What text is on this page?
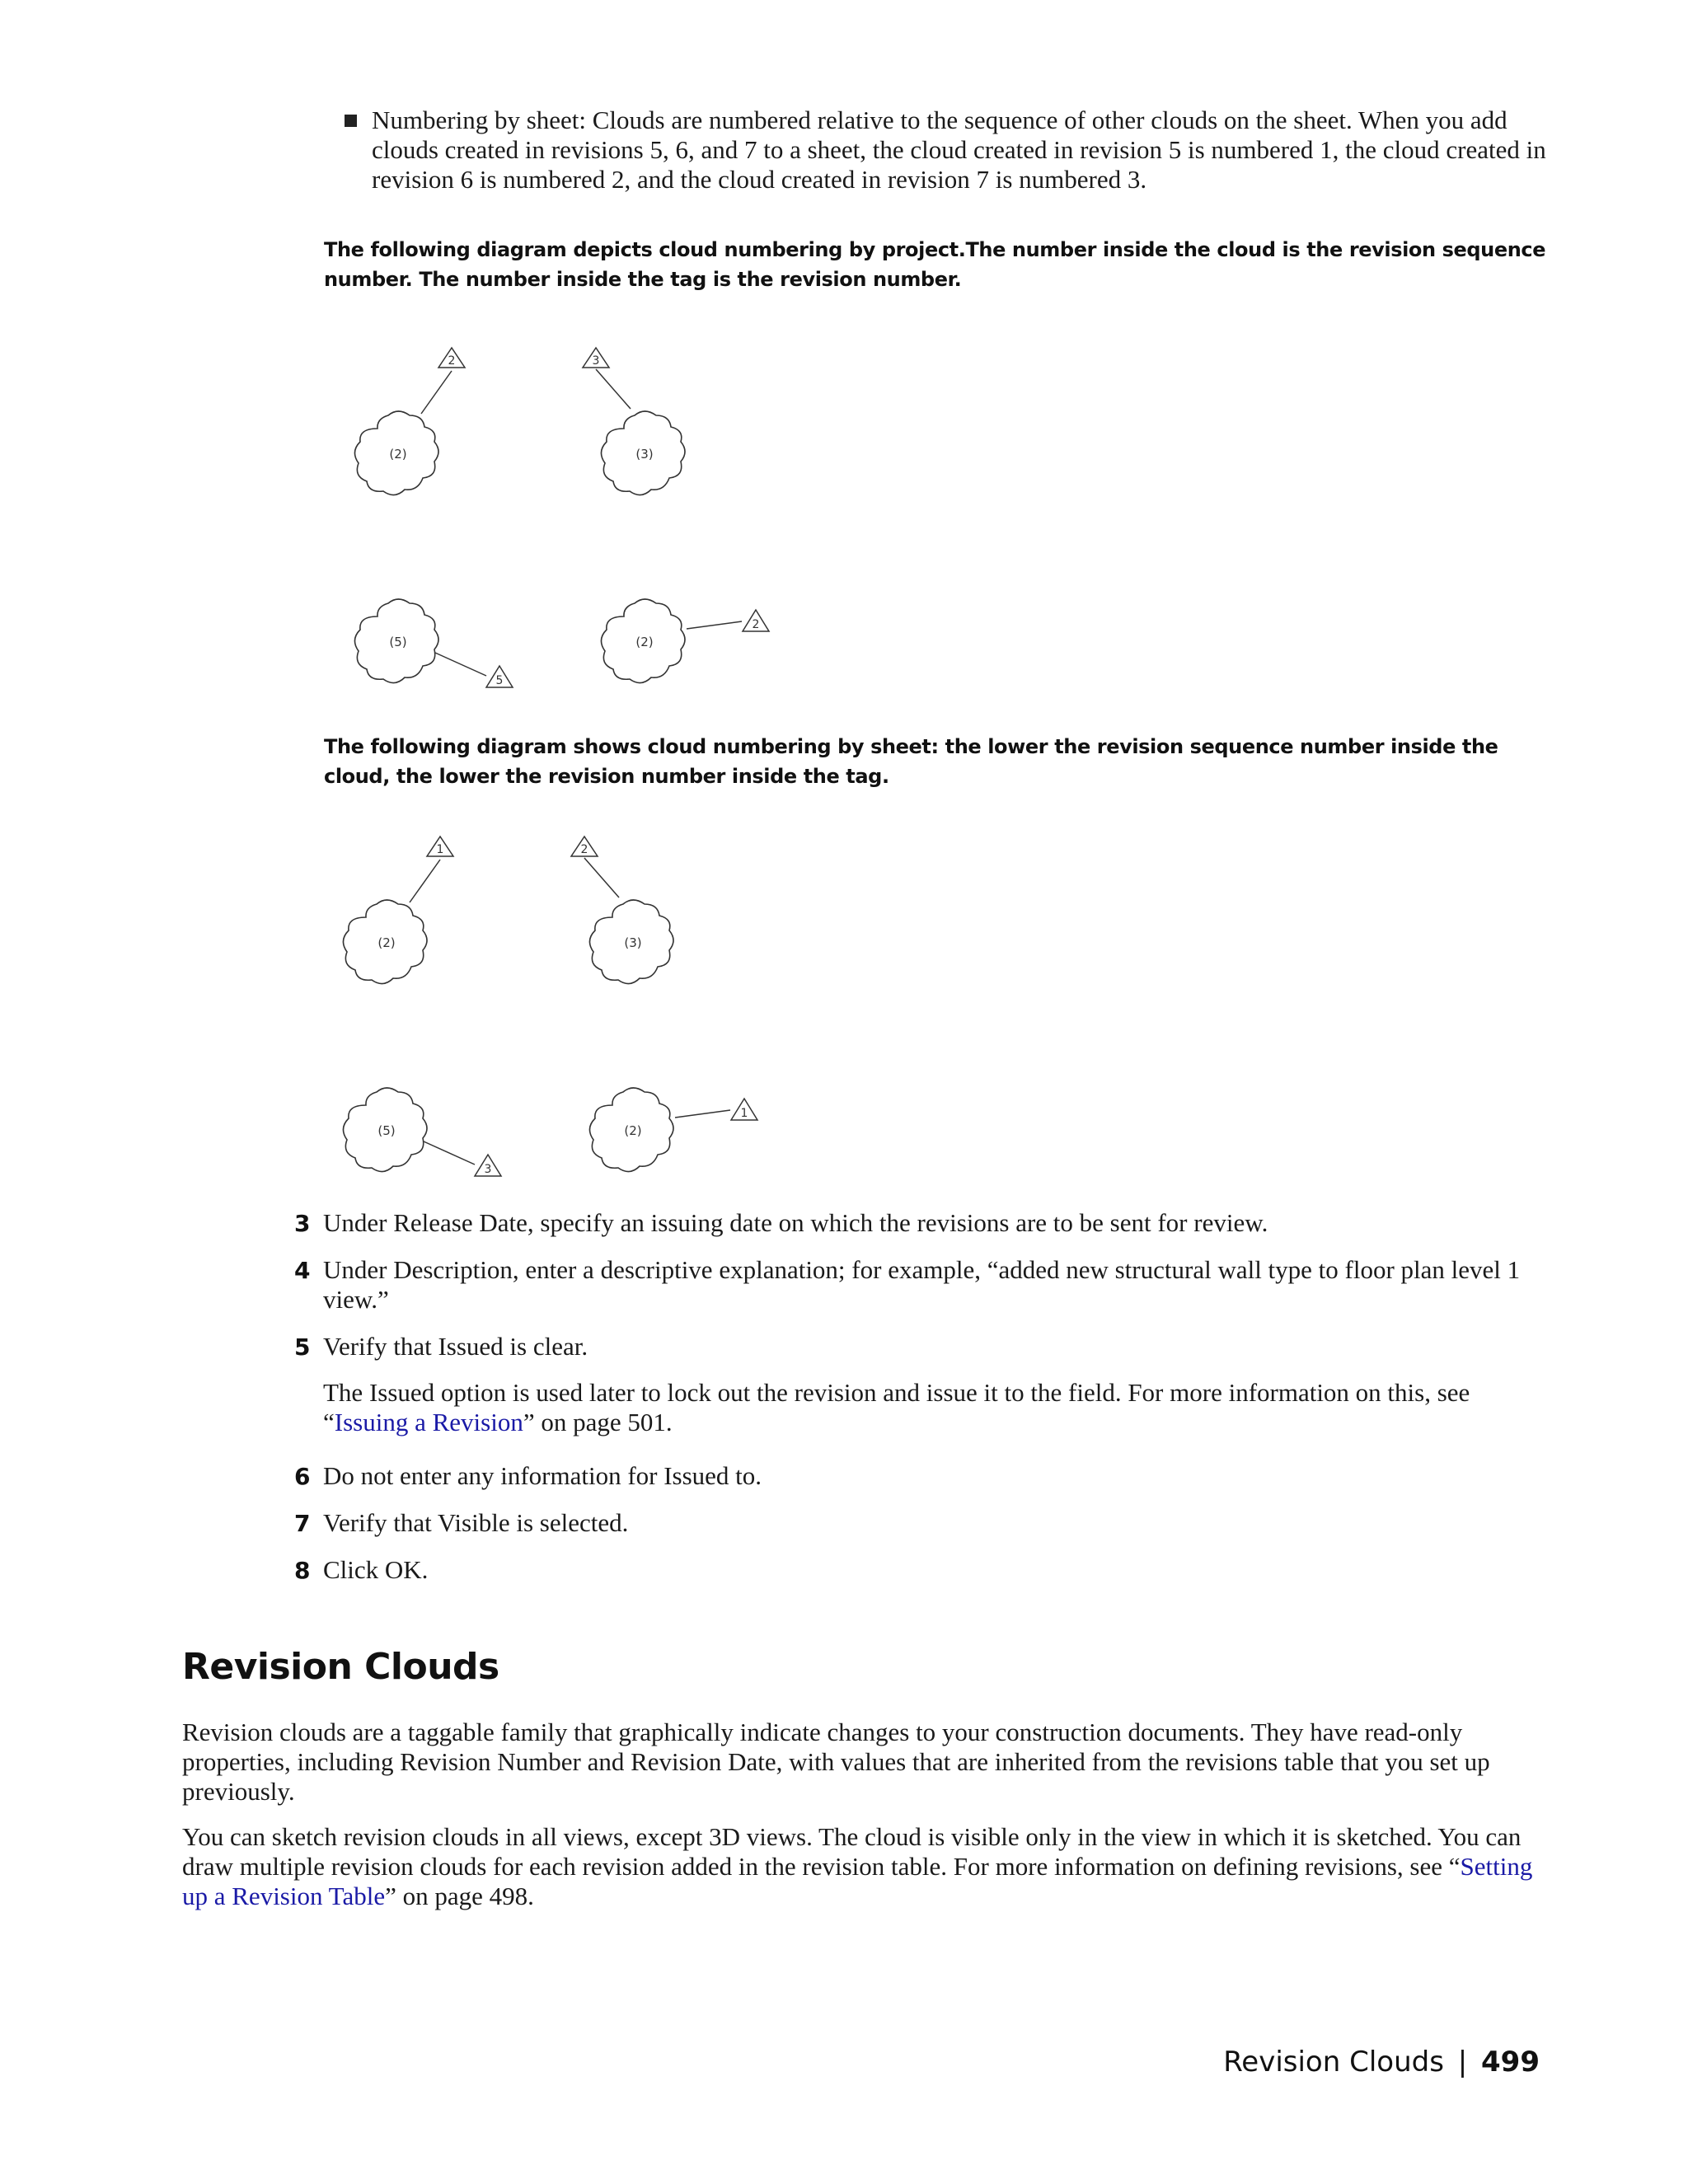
Numbering by sheet: Clouds are numbered relative to the sequence of other clouds on the sheet. When you add clouds created in revisions 5, 6, and 7 to a sheet, the cloud created in revision 5 is numbered 1, the cloud created in revision 6 is numbered 2, and the cloud created in revision 7 is numbered 3.
The following diagram depicts cloud numbering by project.The number inside the cloud is the revision sequence number. The number inside the tag is the revision number.
(2)
2
(3)
3
(5)
5
(2)
2
The following diagram shows cloud numbering by sheet: the lower the revision sequence number inside the cloud, the lower the revision number inside the tag.
(2)
1
(3)
2
(5)
3
(2)
1
3 Under Release Date, specify an issuing date on which the revisions are to be sent for review.
4 Under Description, enter a descriptive explanation; for example, “added new structural wall type to floor plan level 1 view.”
5 Verify that Issued is clear.
The Issued option is used later to lock out the revision and issue it to the field. For more information on this, see “Issuing a Revision” on page 501.
6 Do not enter any information for Issued to.
7 Verify that Visible is selected.
8 Click OK.
Revision Clouds
Revision clouds are a taggable family that graphically indicate changes to your construction documents. They have read-only properties, including Revision Number and Revision Date, with values that are inherited from the revisions table that you set up previously.
You can sketch revision clouds in all views, except 3D views. The cloud is visible only in the view in which it is sketched. You can draw multiple revision clouds for each revision added in the revision table. For more information on defining revisions, see “Setting up a Revision Table” on page 498.
Revision Clouds | 499
